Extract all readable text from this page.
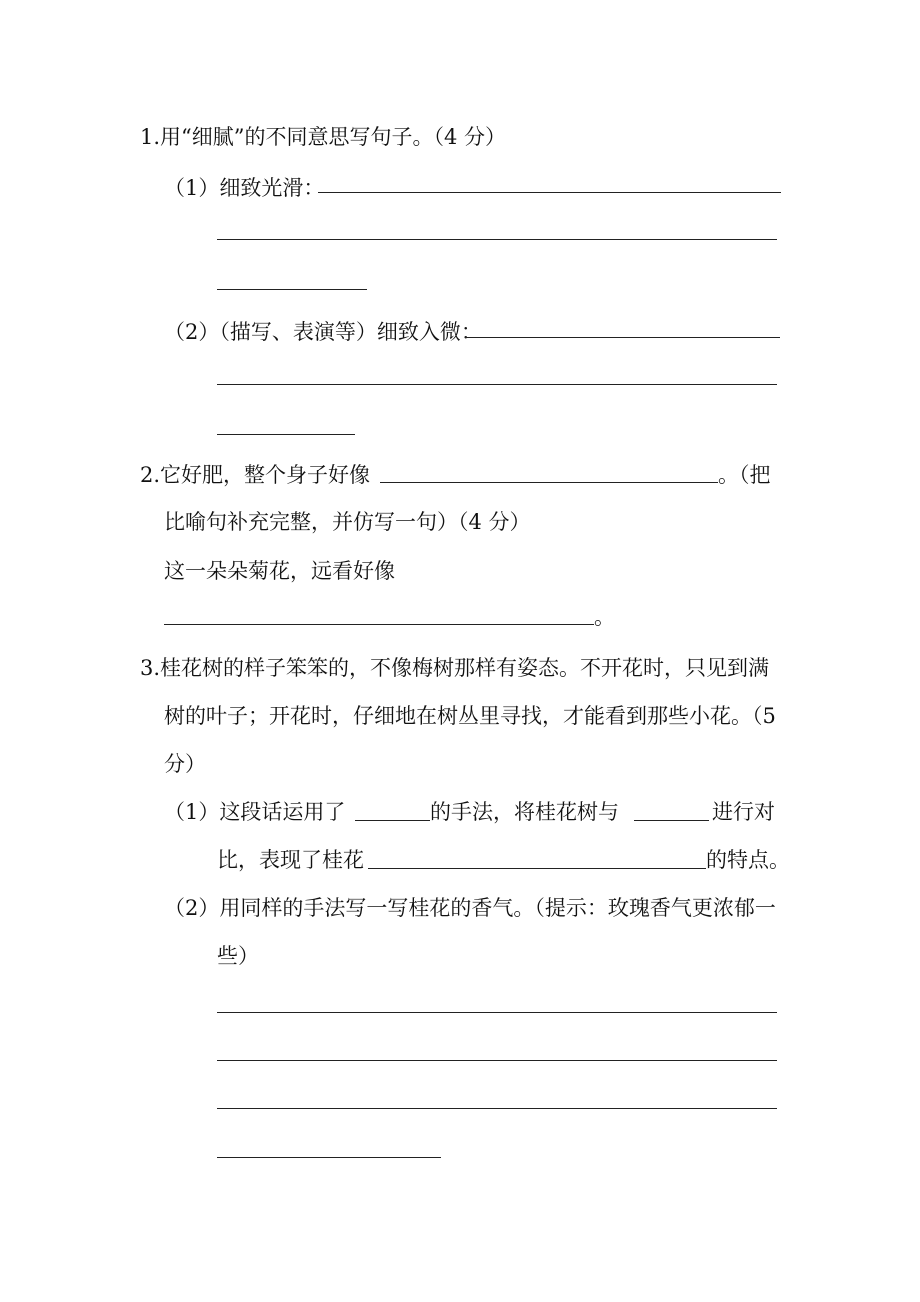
1.用“细腻”的不同意思写句子。（4 分）
（1）细致光滑：
（2）（描写、表演等）细致入微：
2.它好肥，整个身子好像	。（把
比喻句补充完整，并仿写一句）（4 分）
这一朵朵菊花，远看好像
。
3.桂花树的样子笨笨的，不像梅树那样有姿态。不开花时，只见到满
树的叶子；开花时，仔细地在树丛里寻找，才能看到那些小花。（5
分）
（1）这段话运用了	的手法，将桂花树与	进行对
比，表现了桂花	的特点。
（2）用同样的手法写一写桂花的香气。（提示：玫瑰香气更浓郁一
些）
